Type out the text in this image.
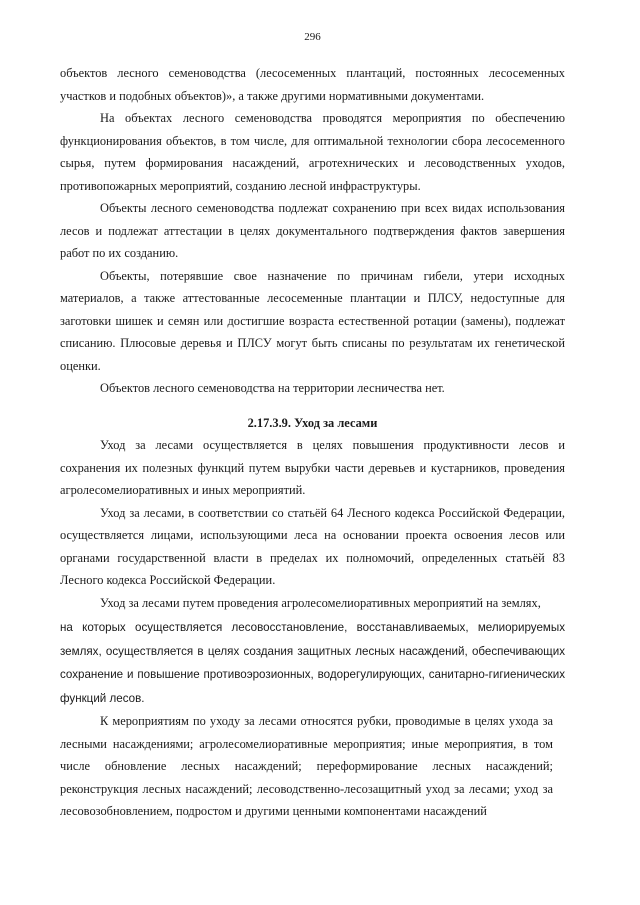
296

объектов лесного семеноводства (лесосеменных плантаций, постоянных лесосеменных участков и подобных объектов)», а также другими нормативными документами.

На объектах лесного семеноводства проводятся мероприятия по обеспечению функционирования объектов, в том числе, для оптимальной технологии сбора лесосеменного сырья, путем формирования насаждений, агротехнических и лесоводственных уходов, противопожарных мероприятий, созданию лесной инфраструктуры.

Объекты лесного семеноводства подлежат сохранению при всех видах использования лесов и подлежат аттестации в целях документального подтверждения фактов завершения работ по их созданию.

Объекты, потерявшие свое назначение по причинам гибели, утери исходных материалов, а также аттестованные лесосеменные плантации и ПЛСУ, недоступные для заготовки шишек и семян или достигшие возраста естественной ротации (замены), подлежат списанию. Плюсовые деревья и ПЛСУ могут быть списаны по результатам их генетической оценки.

Объектов лесного семеноводства на территории лесничества нет.

2.17.3.9. Уход за лесами

Уход за лесами осуществляется в целях повышения продуктивности лесов и сохранения их полезных функций путем вырубки части деревьев и кустарников, проведения агролесомелиоративных и иных мероприятий.

Уход за лесами, в соответствии со статьёй 64 Лесного кодекса Российской Федерации, осуществляется лицами, использующими леса на основании проекта освоения лесов или органами государственной власти в пределах их полномочий, определенных статьёй 83 Лесного кодекса Российской Федерации.

Уход за лесами путем проведения агролесомелиоративных мероприятий на землях,

на которых осуществляется лесовосстановление, восстанавливаемых, мелиорируемых землях, осуществляется в целях создания защитных лесных насаждений, обеспечивающих сохранение и повышение противоэрозионных, водорегулирующих, санитарно-гигиенических функций лесов.

К мероприятиям по уходу за лесами относятся рубки, проводимые в целях ухода за лесными насаждениями; агролесомелиоративные мероприятия; иные мероприятия, в том числе обновление лесных насаждений; переформирование лесных насаждений; реконструкция лесных насаждений; лесоводственно-лесозащитный уход за лесами; уход за лесовозобновлением, подростом и другими ценными компонентами насаждений
